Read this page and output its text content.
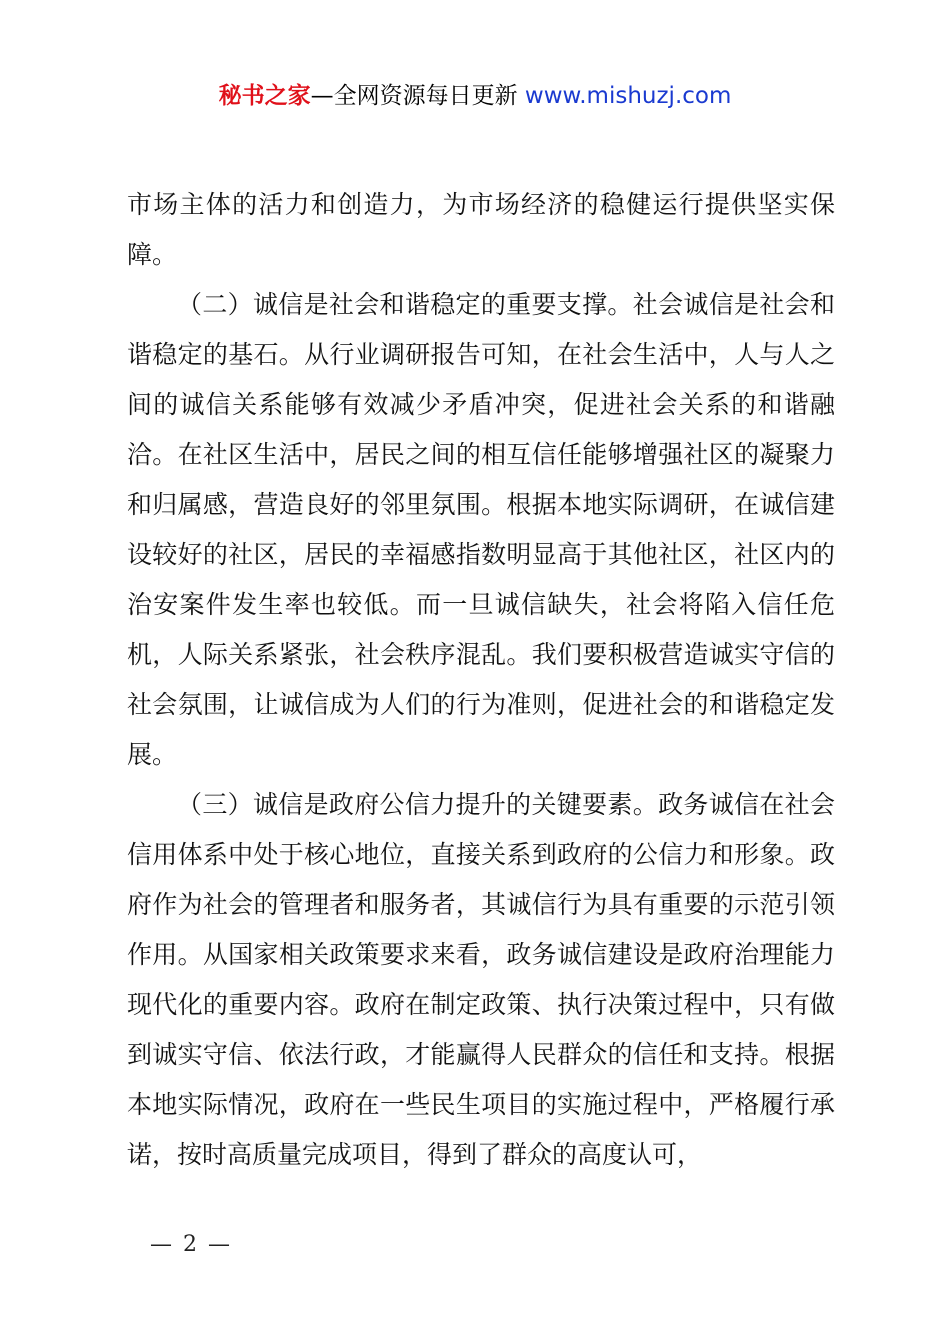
秘书之家—全网资源每日更新 www.mishuzj.com

市场主体的活力和创造力，为市场经济的稳健运行提供坚实保障。

（二）诚信是社会和谐稳定的重要支撑。社会诚信是社会和谐稳定的基石。从行业调研报告可知，在社会生活中，人与人之间的诚信关系能够有效减少矛盾冲突，促进社会关系的和谐融洽。在社区生活中，居民之间的相互信任能够增强社区的凝聚力和归属感，营造良好的邻里氛围。根据本地实际调研，在诚信建设较好的社区，居民的幸福感指数明显高于其他社区，社区内的治安案件发生率也较低。而一旦诚信缺失，社会将陷入信任危机，人际关系紧张，社会秩序混乱。我们要积极营造诚实守信的社会氛围，让诚信成为人们的行为准则，促进社会的和谐稳定发展。

（三）诚信是政府公信力提升的关键要素。政务诚信在社会信用体系中处于核心地位，直接关系到政府的公信力和形象。政府作为社会的管理者和服务者，其诚信行为具有重要的示范引领作用。从国家相关政策要求来看，政务诚信建设是政府治理能力现代化的重要内容。政府在制定政策、执行决策过程中，只有做到诚实守信、依法行政，才能赢得人民群众的信任和支持。根据本地实际情况，政府在一些民生项目的实施过程中，严格履行承诺，按时高质量完成项目，得到了群众的高度认可，

— 2 —
